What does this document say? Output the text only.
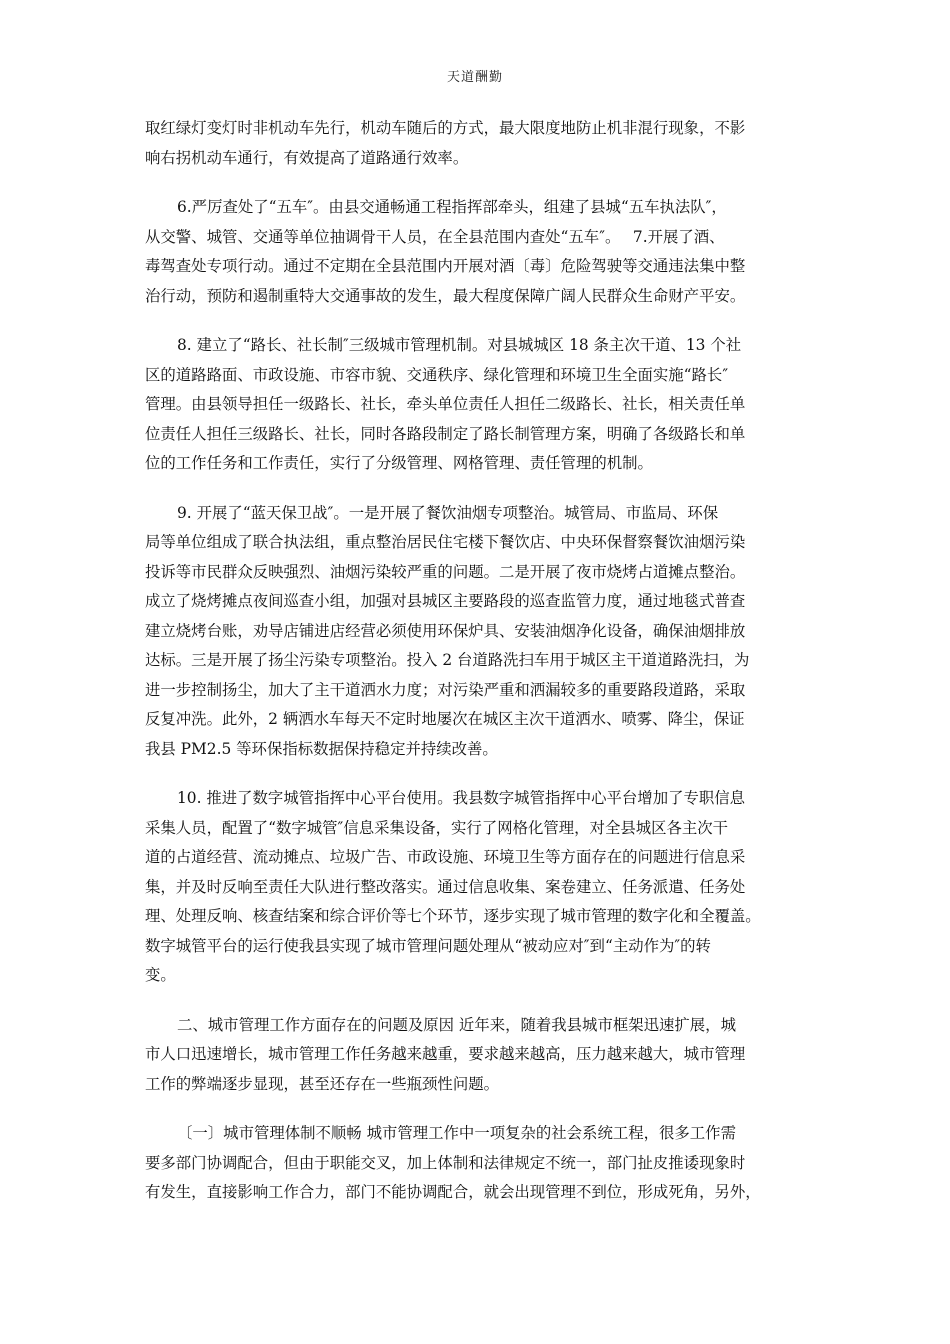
天道酬勤
取红绿灯变灯时非机动车先行，机动车随后的方式，最大限度地防止机非混行现象，不影
响右拐机动车通行，有效提高了道路通行效率。
6.严厉查处了“五车″。由县交通畅通工程指挥部牵头，组建了县城“五车执法队″，
从交警、城管、交通等单位抽调骨干人员，在全县范围内查处“五车″。　 7.开展了酒、
毒驾查处专项行动。通过不定期在全县范围内开展对酒〔毒〕危险驾驶等交通违法集中整
治行动，预防和遏制重特大交通事故的发生，最大程度保障广阔人民群众生命财产平安。
8. 建立了“路长、社长制″三级城市管理机制。对县城城区 18 条主次干道、13 个社
区的道路路面、市政设施、市容市貌、交通秩序、绿化管理和环境卫生全面实施“路长″
管理。由县领导担任一级路长、社长，牵头单位责任人担任二级路长、社长，相关责任单
位责任人担任三级路长、社长，同时各路段制定了路长制管理方案，明确了各级路长和单
位的工作任务和工作责任，实行了分级管理、网格管理、责任管理的机制。
9. 开展了“蓝天保卫战″。一是开展了餐饮油烟专项整治。城管局、市监局、环保
局等单位组成了联合执法组，重点整治居民住宅楼下餐饮店、中央环保督察餐饮油烟污染
投诉等市民群众反映强烈、油烟污染较严重的问题。二是开展了夜市烧烤占道摊点整治。
成立了烧烤摊点夜间巡查小组，加强对县城区主要路段的巡查监管力度，通过地毯式普查
建立烧烤台账，劝导店铺进店经营必须使用环保炉具、安装油烟净化设备，确保油烟排放
达标。三是开展了扬尘污染专项整治。投入 2 台道路洗扫车用于城区主干道道路洗扫，为
进一步控制扬尘，加大了主干道洒水力度；对污染严重和洒漏较多的重要路段道路，采取
反复冲洗。此外，2 辆洒水车每天不定时地屡次在城区主次干道洒水、喷雾、降尘，保证
我县 PM2.5 等环保指标数据保持稳定并持续改善。
10. 推进了数字城管指挥中心平台使用。我县数字城管指挥中心平台增加了专职信息
采集人员，配置了“数字城管″信息采集设备，实行了网格化管理，对全县城区各主次干
道的占道经营、流动摊点、垃圾广告、市政设施、环境卫生等方面存在的问题进行信息采
集，并及时反响至责任大队进行整改落实。通过信息收集、案卷建立、任务派遣、任务处
理、处理反响、核查结案和综合评价等七个环节，逐步实现了城市管理的数字化和全覆盖。
数字城管平台的运行使我县实现了城市管理问题处理从“被动应对″到“主动作为″的转
变。
二、城市管理工作方面存在的问题及原因 近年来，随着我县城市框架迅速扩展，城
市人口迅速增长，城市管理工作任务越来越重，要求越来越高，压力越来越大，城市管理
工作的弊端逐步显现，甚至还存在一些瓶颈性问题。
〔一〕城市管理体制不顺畅 城市管理工作中一项复杂的社会系统工程，很多工作需
要多部门协调配合，但由于职能交叉，加上体制和法律规定不统一，部门扯皮推诿现象时
有发生，直接影响工作合力，部门不能协调配合，就会出现管理不到位，形成死角，另外，
